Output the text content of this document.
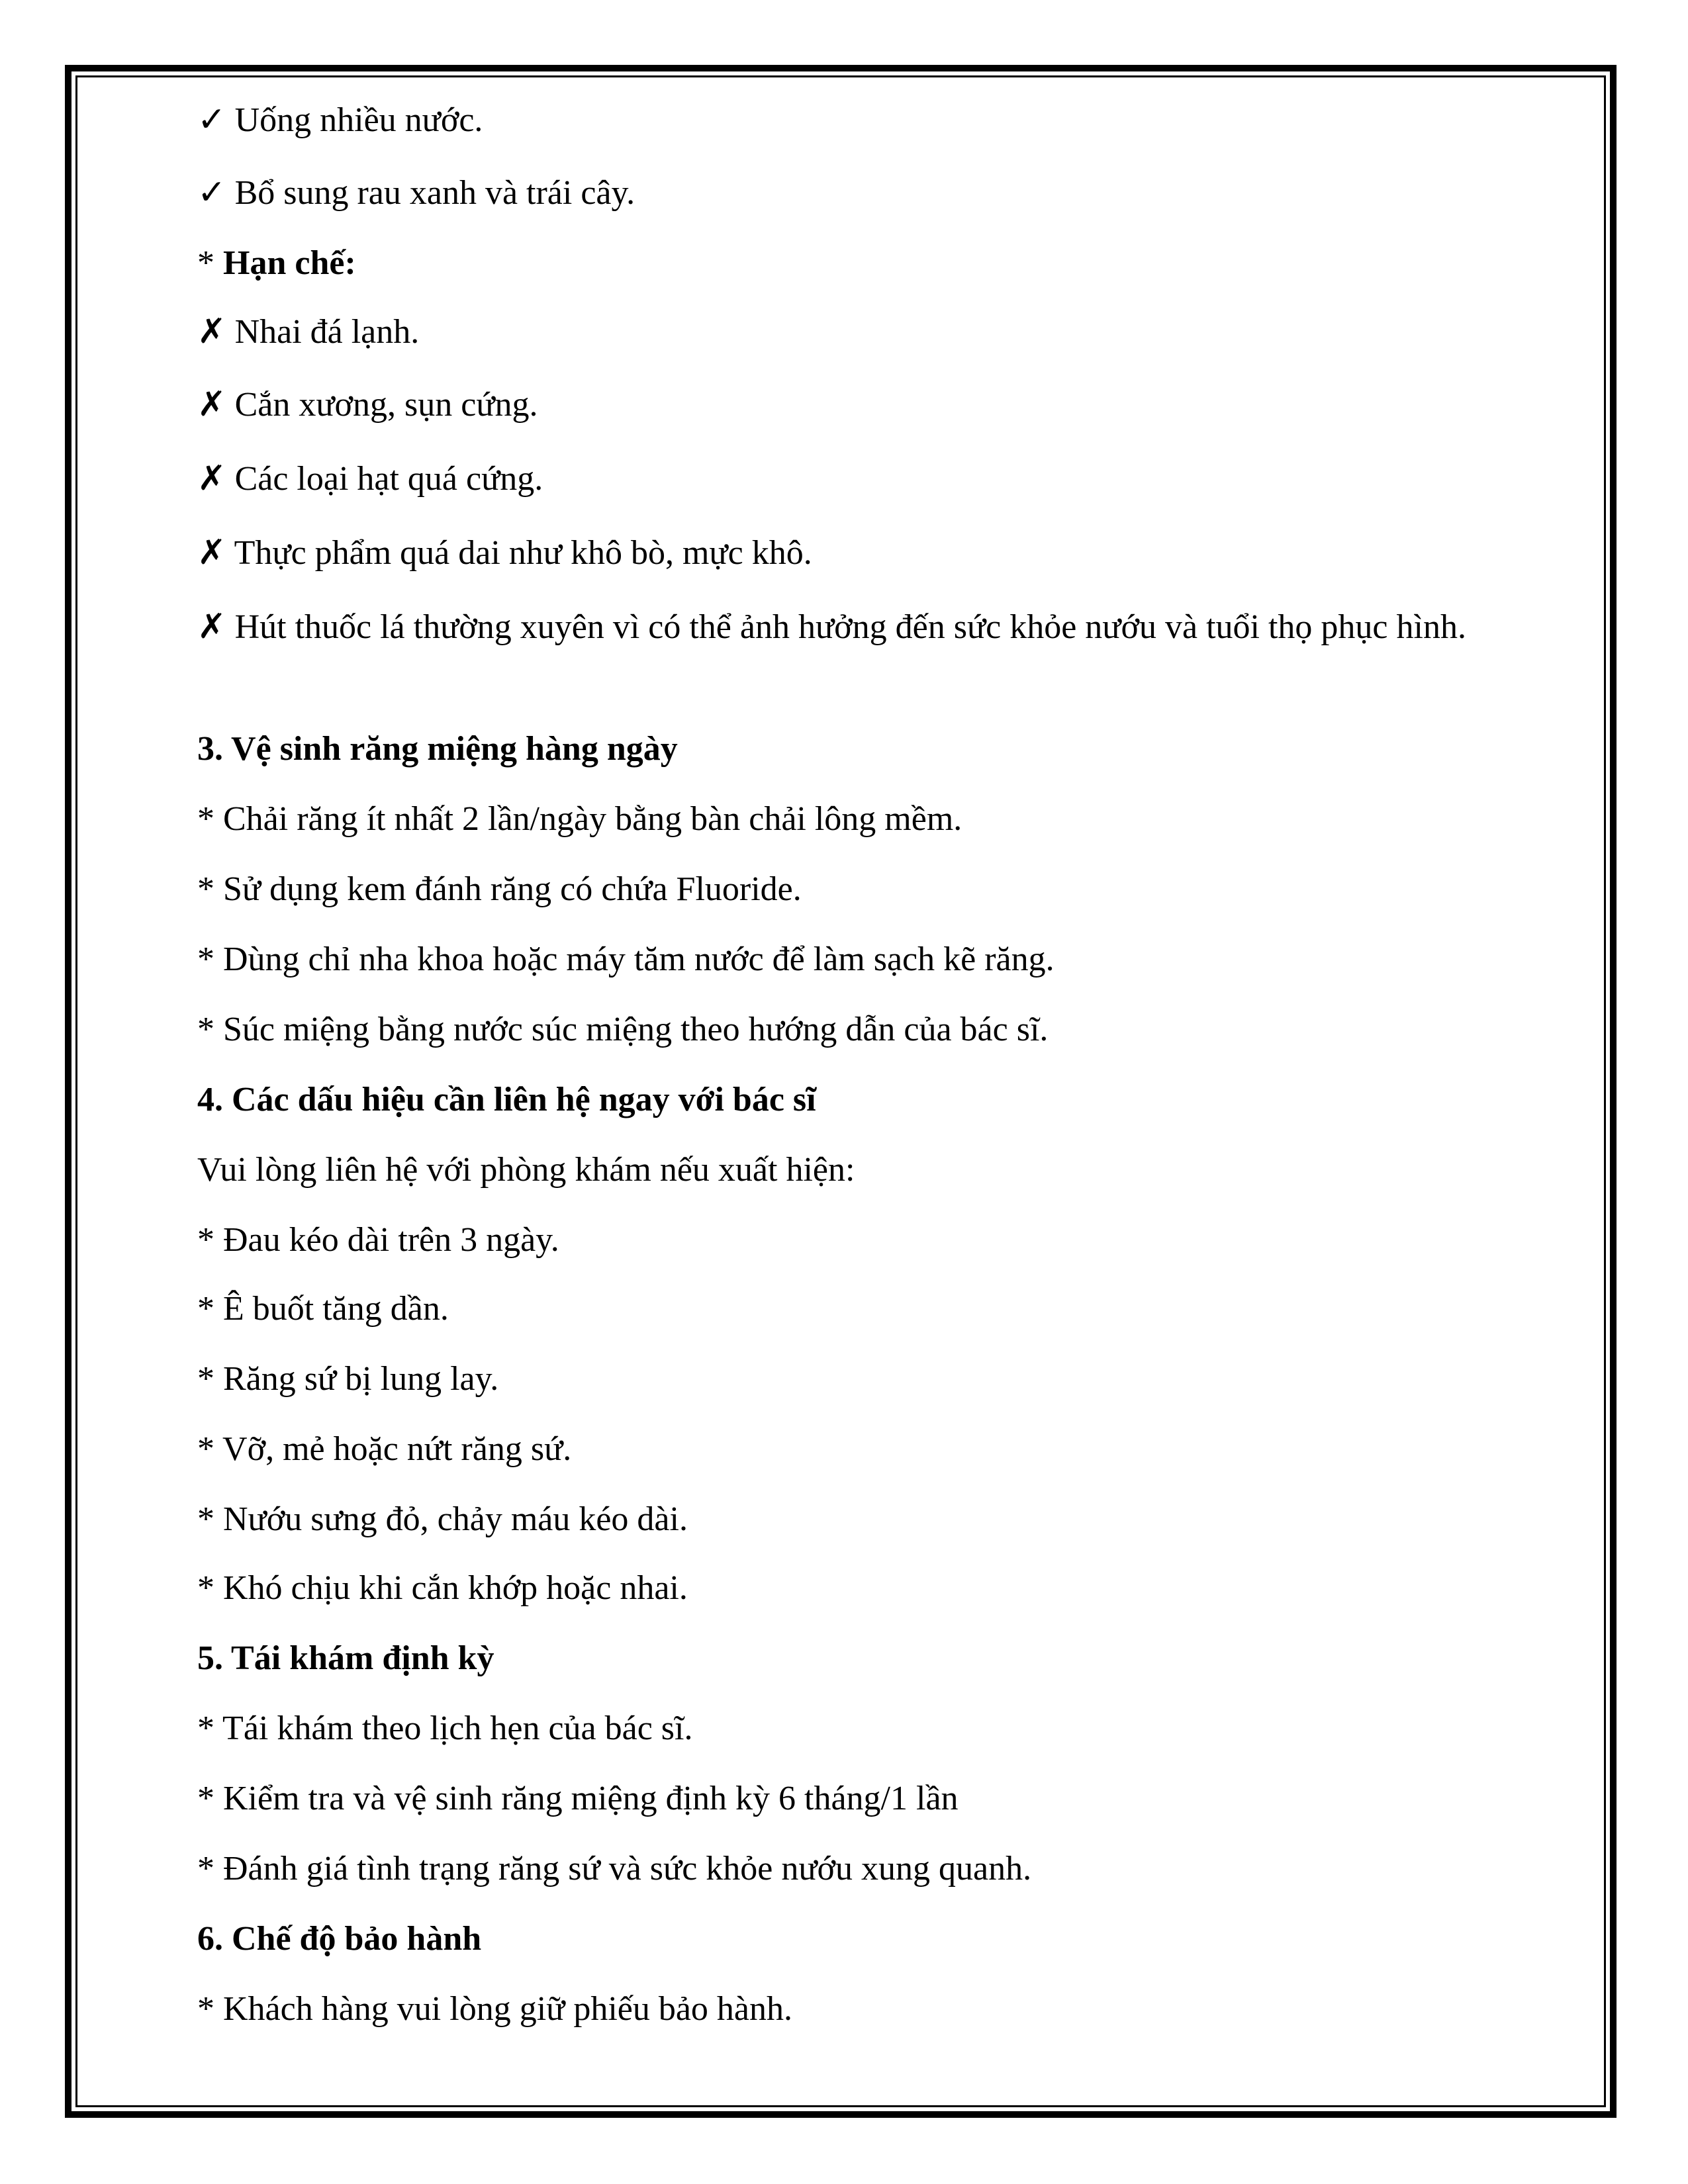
✓ Uống nhiều nước.
✓ Bổ sung rau xanh và trái cây.
* Hạn chế:
✗ Nhai đá lạnh.
✗ Cắn xương, sụn cứng.
✗ Các loại hạt quá cứng.
✗ Thực phẩm quá dai như khô bò, mực khô.
✗ Hút thuốc lá thường xuyên vì có thể ảnh hưởng đến sức khỏe nướu và tuổi thọ phục hình.
3. Vệ sinh răng miệng hàng ngày
* Chải răng ít nhất 2 lần/ngày bằng bàn chải lông mềm.
* Sử dụng kem đánh răng có chứa Fluoride.
* Dùng chỉ nha khoa hoặc máy tăm nước để làm sạch kẽ răng.
* Súc miệng bằng nước súc miệng theo hướng dẫn của bác sĩ.
4. Các dấu hiệu cần liên hệ ngay với bác sĩ
Vui lòng liên hệ với phòng khám nếu xuất hiện:
* Đau kéo dài trên 3 ngày.
* Ê buốt tăng dần.
* Răng sứ bị lung lay.
* Vỡ, mẻ hoặc nứt răng sứ.
* Nướu sưng đỏ, chảy máu kéo dài.
* Khó chịu khi cắn khớp hoặc nhai.
5. Tái khám định kỳ
* Tái khám theo lịch hẹn của bác sĩ.
* Kiểm tra và vệ sinh răng miệng định kỳ 6 tháng/1 lần
* Đánh giá tình trạng răng sứ và sức khỏe nướu xung quanh.
6. Chế độ bảo hành
* Khách hàng vui lòng giữ phiếu bảo hành.
